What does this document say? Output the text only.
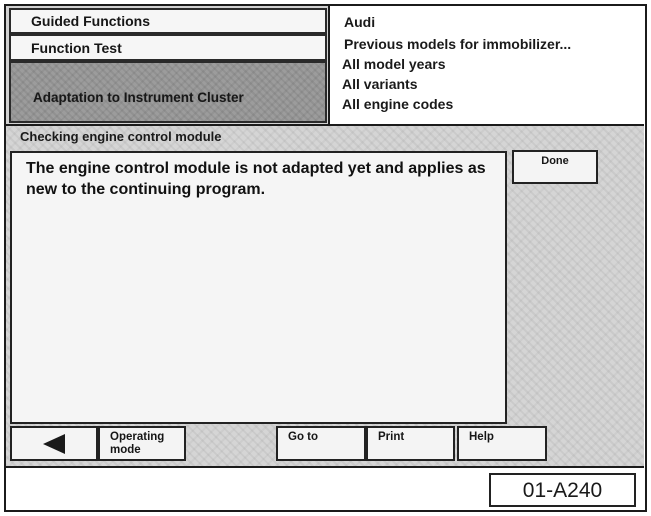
Guided Functions
Function Test
Adaptation to Instrument Cluster
Audi
Previous models for immobilizer...
All model years
All variants
All engine codes
Checking engine control module
The engine control module is not adapted yet and applies as new to the continuing program.
Done
Operating
mode
Go to	Print	Help
01-A240
